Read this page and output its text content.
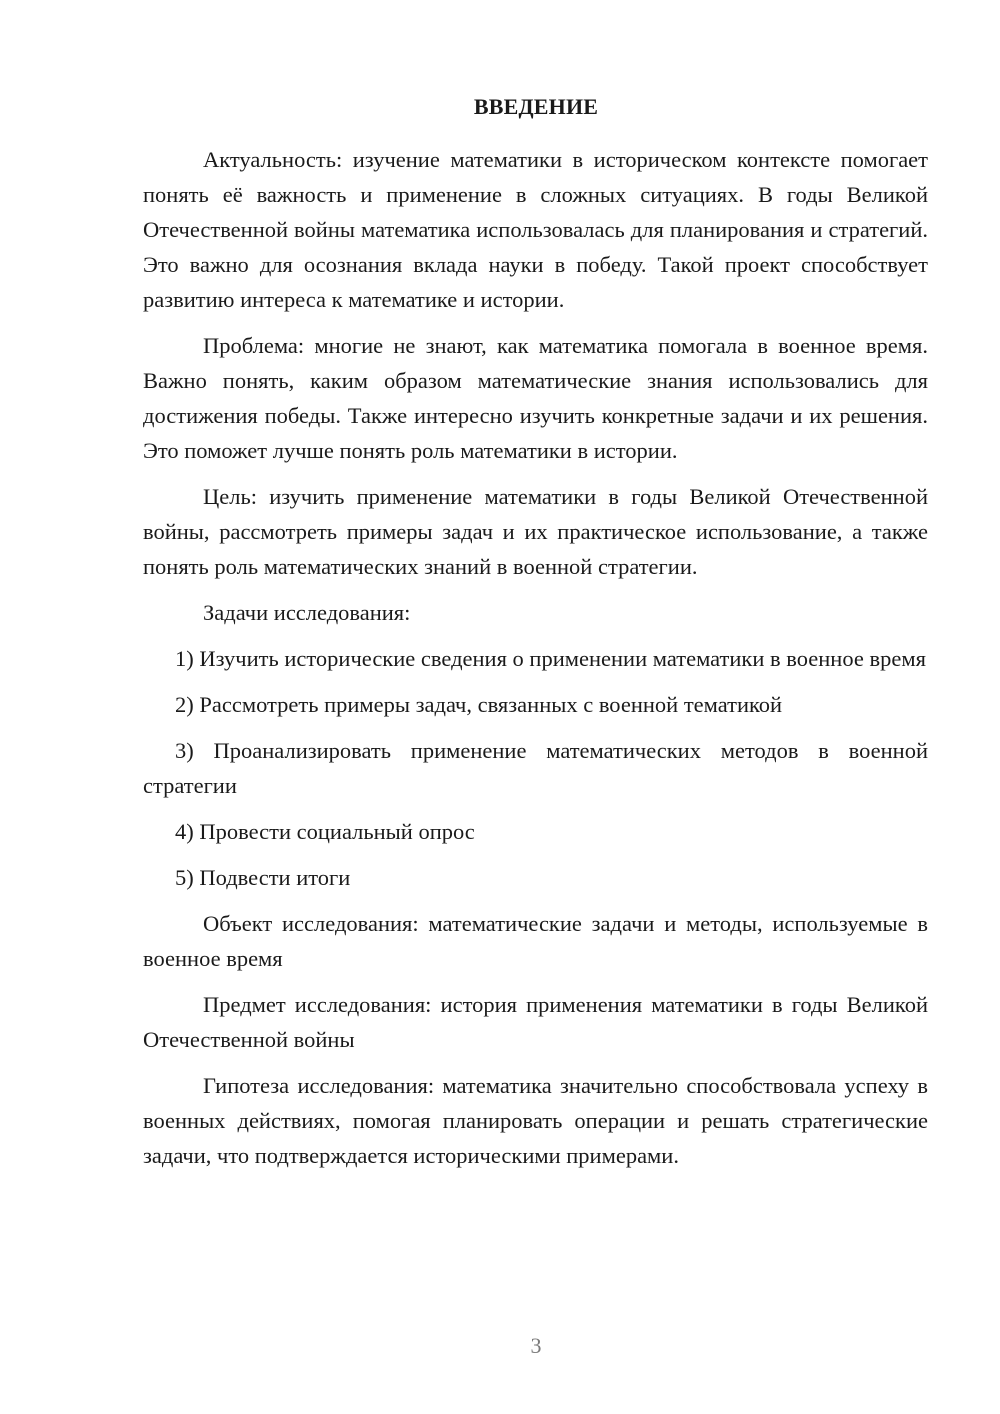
ВВЕДЕНИЕ

Актуальность: изучение математики в историческом контексте помогает понять её важность и применение в сложных ситуациях. В годы Великой Отечественной войны математика использовалась для планирования и стратегий. Это важно для осознания вклада науки в победу. Такой проект способствует развитию интереса к математике и истории.

Проблема: многие не знают, как математика помогала в военное время. Важно понять, каким образом математические знания использовались для достижения победы. Также интересно изучить конкретные задачи и их решения. Это поможет лучше понять роль математики в истории.

Цель: изучить применение математики в годы Великой Отечественной войны, рассмотреть примеры задач и их практическое использование, а также понять роль математических знаний в военной стратегии.

Задачи исследования:

1) Изучить исторические сведения о применении математики в военное время

2) Рассмотреть примеры задач, связанных с военной тематикой

3) Проанализировать применение математических методов в военной стратегии

4) Провести социальный опрос

5) Подвести итоги

Объект исследования: математические задачи и методы, используемые в военное время

Предмет исследования: история применения математики в годы Великой Отечественной войны

Гипотеза исследования: математика значительно способствовала успеху в военных действиях, помогая планировать операции и решать стратегические задачи, что подтверждается историческими примерами.

3
